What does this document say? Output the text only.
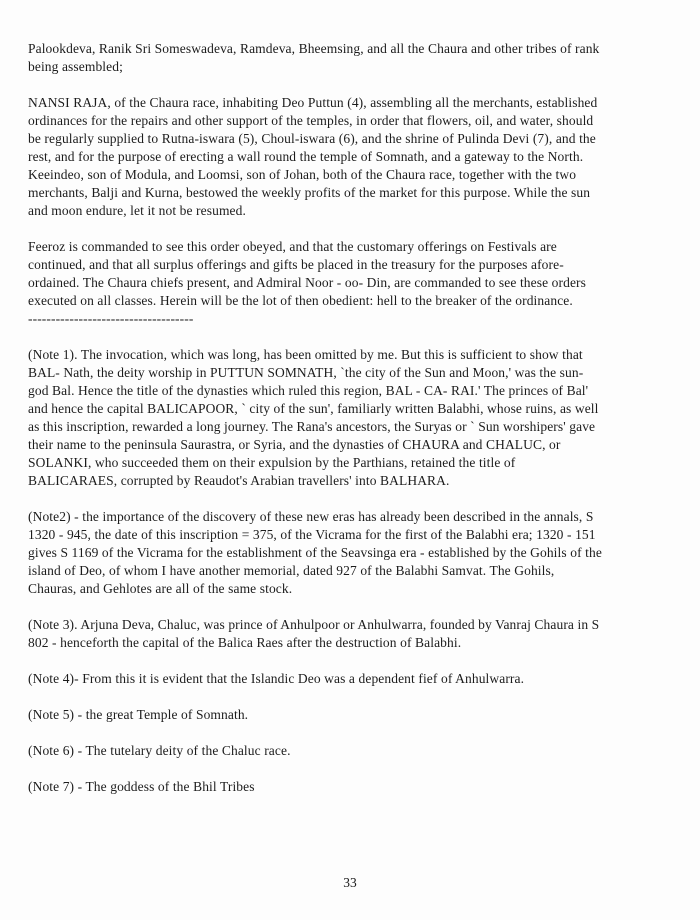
Palookdeva, Ranik Sri Someswadeva, Ramdeva, Bheemsing, and all the Chaura and other tribes of rank
being assembled;

NANSI RAJA, of the Chaura race, inhabiting Deo Puttun (4), assembling all the merchants, established
ordinances for the repairs and other support of the temples, in order that flowers, oil, and water, should
be regularly supplied to Rutna-iswara (5), Choul-iswara (6), and the shrine of Pulinda Devi (7), and the
rest, and for the purpose of erecting a wall round the temple of Somnath, and a gateway to the North.
Keeindeo, son of Modula, and Loomsi, son of Johan, both of the Chaura race, together with the two
merchants, Balji and Kurna, bestowed the weekly profits of the market for this purpose. While the sun
and moon endure, let it not be resumed.

Feeroz is commanded to see this order obeyed, and that the customary offerings on Festivals are
continued, and that all surplus offerings and gifts be placed in the treasury for the purposes afore-
ordained. The Chaura chiefs present, and Admiral Noor - oo- Din, are commanded to see these orders
executed on all classes. Herein will be the lot of then obedient: hell to the breaker of the ordinance.
------------------------------------

(Note 1). The invocation, which was long, has been omitted by me. But this is sufficient to show that
BAL- Nath, the deity worship in PUTTUN SOMNATH, `the city of the Sun and Moon,' was the sun-
god Bal. Hence the title of the dynasties which ruled this region, BAL - CA- RAI.' The princes of Bal'
and hence the capital BALICAPOOR, ` city of the sun', familiarly written Balabhi, whose ruins, as well
as this inscription, rewarded a long journey. The Rana's ancestors, the Suryas or ` Sun worshipers' gave
their name to the peninsula Saurastra, or Syria, and the dynasties of CHAURA and CHALUC, or
SOLANKI, who succeeded them on their expulsion by the Parthians, retained the title of
BALICARAES, corrupted by Reaudot's Arabian travellers' into BALHARA.

(Note2) - the importance of the discovery of these new eras has already been described in the annals, S
1320 - 945, the date of this inscription = 375, of the Vicrama for the first of the Balabhi era; 1320 - 151
gives S 1169 of the Vicrama for the establishment of the Seavsinga era - established by the Gohils of the
island of Deo, of whom I have another memorial, dated 927 of the Balabhi Samvat. The Gohils,
Chauras, and Gehlotes are all of the same stock.

(Note 3). Arjuna Deva, Chaluc, was prince of Anhulpoor or Anhulwarra, founded by Vanraj Chaura in S
802 - henceforth the capital of the Balica Raes after the destruction of Balabhi.

(Note 4)- From this it is evident that the Islandic Deo was a dependent fief of Anhulwarra.

(Note 5) - the great Temple of Somnath.

(Note 6) - The tutelary deity of the Chaluc race.

(Note 7) - The goddess of the Bhil Tribes

33
